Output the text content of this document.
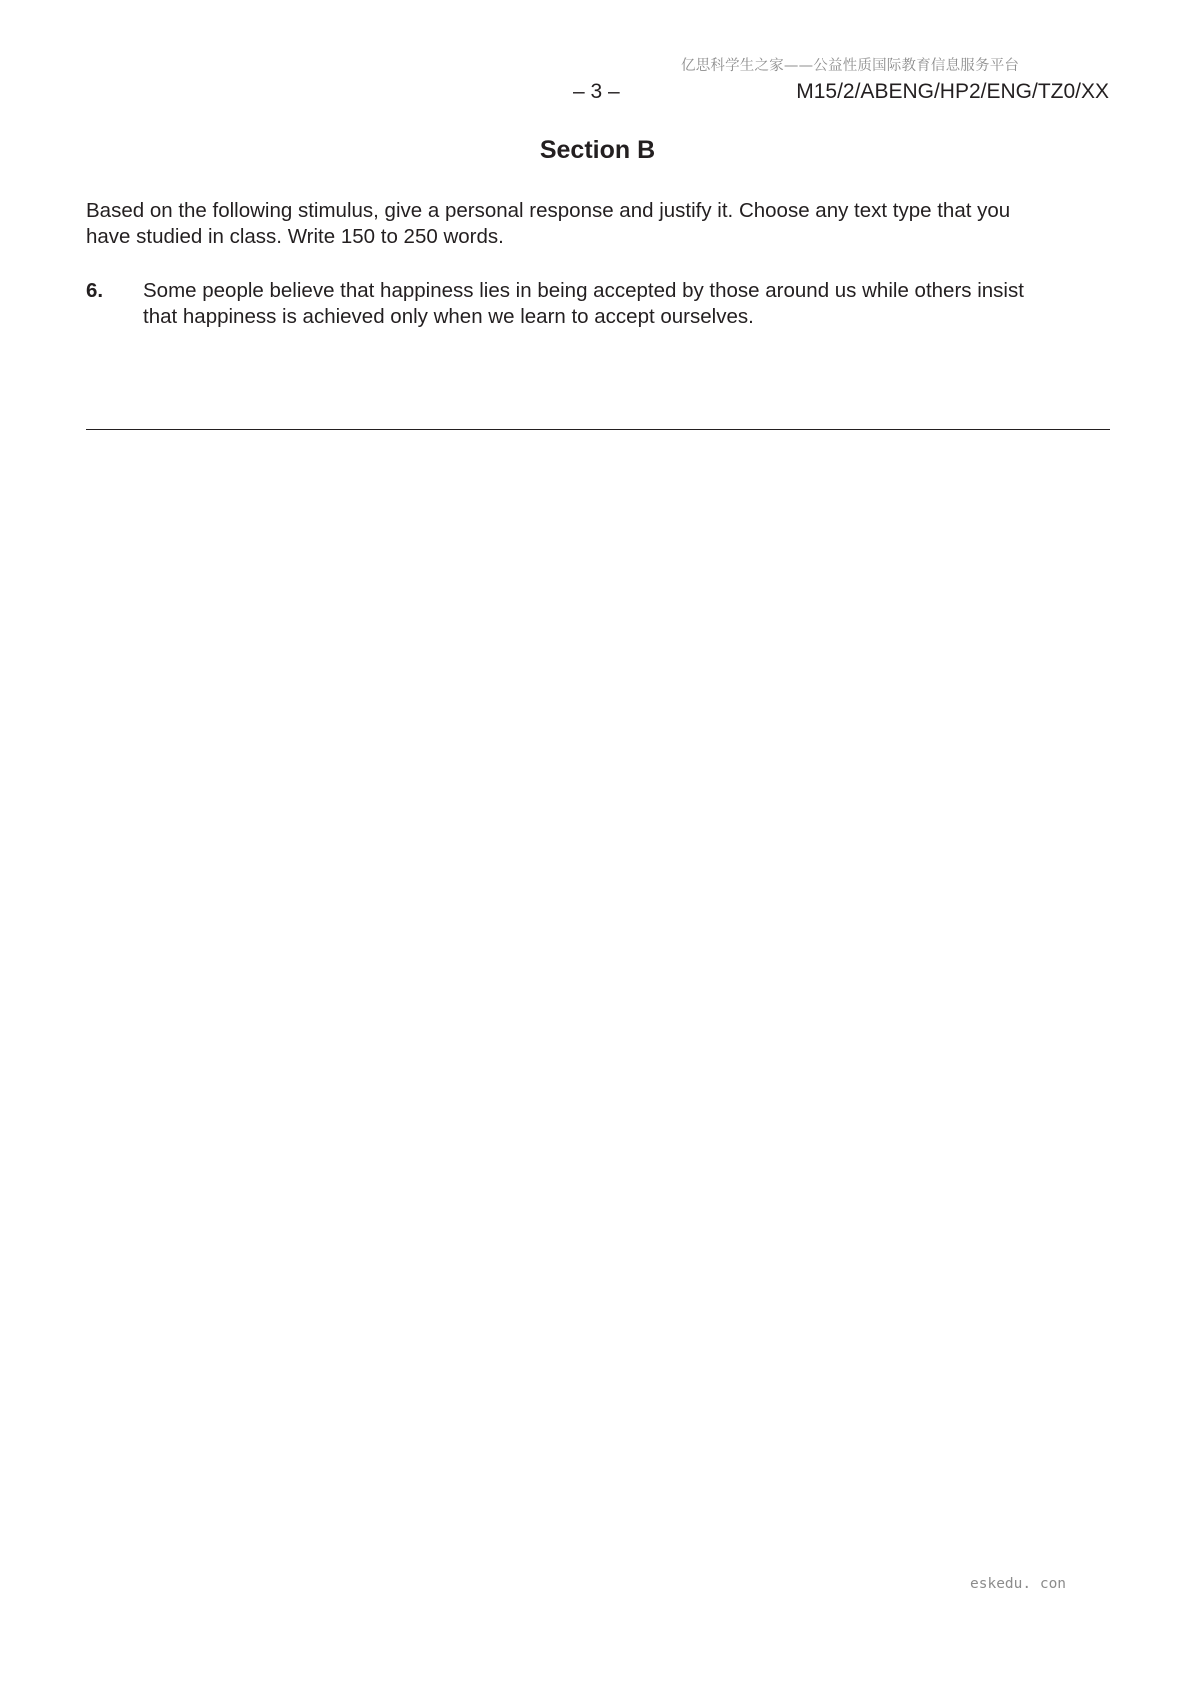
亿思科学生之家——公益性质国际教育信息服务平台
– 3 –	M15/2/ABENG/HP2/ENG/TZ0/XX
Section B
Based on the following stimulus, give a personal response and justify it. Choose any text type that you
have studied in class. Write 150 to 250 words.
6. Some people believe that happiness lies in being accepted by those around us while others insist
that happiness is achieved only when we learn to accept ourselves.
eskedu. con
